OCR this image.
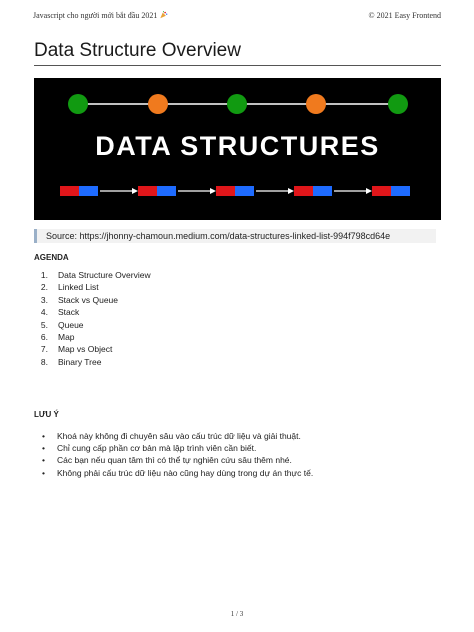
Javascript cho người mới bắt đầu 2021	© 2021 Easy Frontend
Data Structure Overview
DATA STRUCTURES
Source: https://jhonny-chamoun.medium.com/data-structures-linked-list-994f798cd64e
AGENDA
1. Data Structure Overview
2. Linked List
3. Stack vs Queue
4. Stack
5. Queue
6. Map
7. Map vs Object
8. Binary Tree
LƯU Ý
• Khoá này không đi chuyên sâu vào cấu trúc dữ liệu và giải thuật.
• Chỉ cung cấp phần cơ bản mà lập trình viên cần biết.
• Các bạn nếu quan tâm thì có thể tự nghiên cứu sâu thêm nhé.
• Không phải cấu trúc dữ liệu nào cũng hay dùng trong dự án thực tế.
1 / 3
